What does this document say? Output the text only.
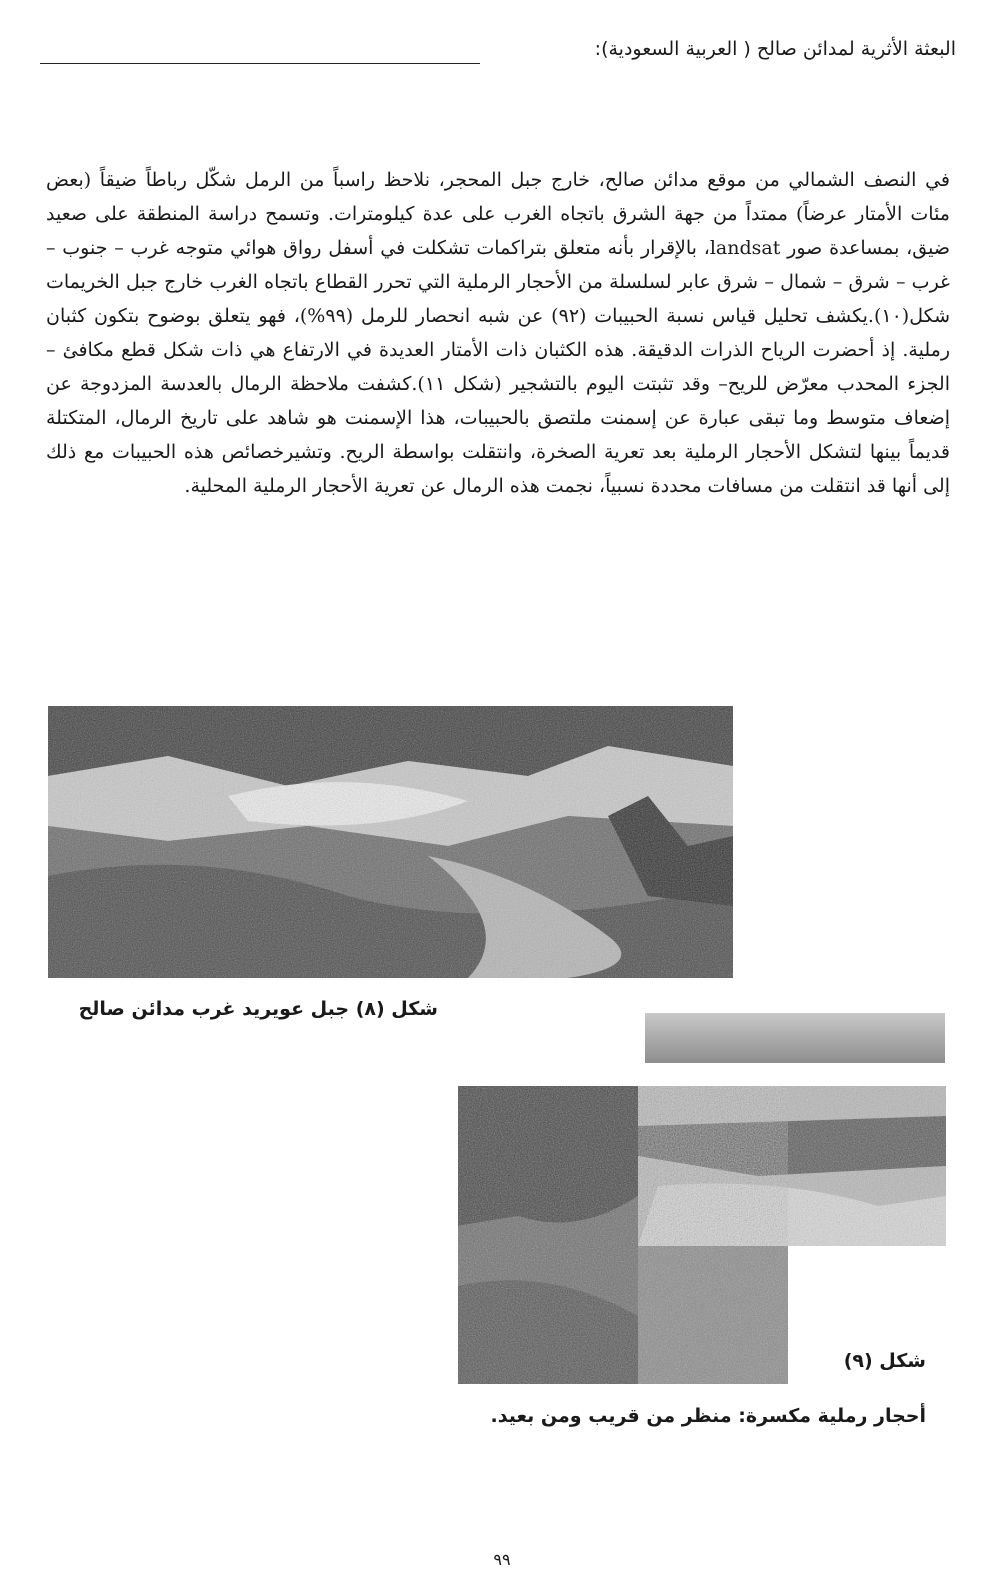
البعثة الأثرية لمدائن صالح ( العربية السعودية):
في النصف الشمالي من موقع مدائن صالح، خارج جبل المحجر، نلاحظ راسباً من الرمل شكّل رباطاً ضيقاً (بعض مئات الأمتار عرضاً) ممتداً من جهة الشرق باتجاه الغرب على عدة كيلومترات. وتسمح دراسة المنطقة على صعيد ضيق، بمساعدة صور landsat، بالإقرار بأنه متعلق بتراكمات تشكلت في أسفل رواق هوائي متوجه غرب – جنوب – غرب – شرق – شمال – شرق عابر لسلسلة من الأحجار الرملية التي تحرر القطاع باتجاه الغرب خارج جبل الخريمات شكل(١٠).يكشف تحليل قياس نسبة الحبيبات (٩٢) عن شبه انحصار للرمل (٩٩%)، فهو يتعلق بوضوح بتكون كثبان رملية. إذ أحضرت الرياح الذرات الدقيقة. هذه الكثبان ذات الأمتار العديدة في الارتفاع هي ذات شكل قطع مكافئ – الجزء المحدب معرّض للريح– وقد تثبتت اليوم بالتشجير (شكل ١١).كشفت ملاحظة الرمال بالعدسة المزدوجة عن إضعاف متوسط وما تبقى عبارة عن إسمنت ملتصق بالحبيبات، هذا الإسمنت هو شاهد على تاريخ الرمال، المتكتلة قديماً بينها لتشكل الأحجار الرملية بعد تعرية الصخرة، وانتقلت بواسطة الريح. وتشيرخصائص هذه الحبيبات مع ذلك إلى أنها قد انتقلت من مسافات محددة نسبياً، نجمت هذه الرمال عن تعرية الأحجار الرملية المحلية.
شكل (٨) جبل عويريد غرب مدائن صالح
شكل (٩)
أحجار رملية مكسرة: منظر من قريب ومن بعيد.
٩٩
